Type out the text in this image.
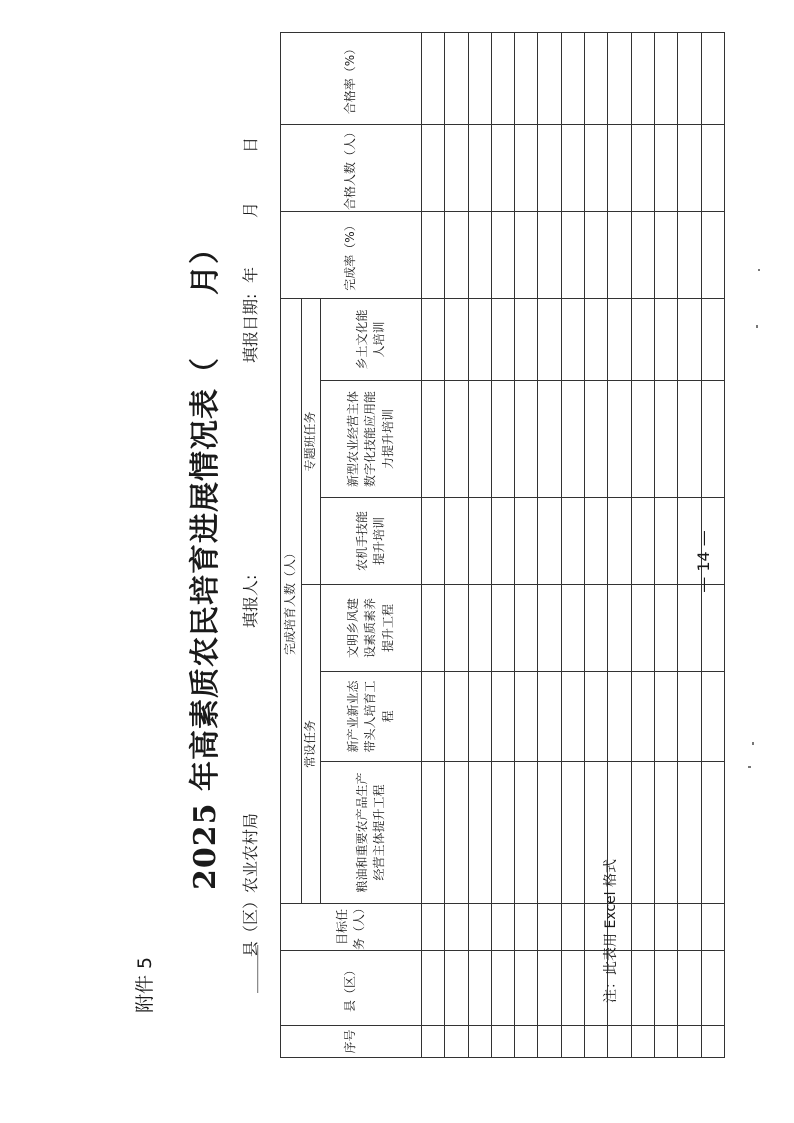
附件 5
2025 年高素质农民培育进展情况表（　　月）
＿＿＿
县（区）农业农村局
填报人:
填报日期:
年
月
日
序号	县（区）	目标任务（人）	完成培育人数（人）						完成率（%）	合格人数（人）	合格率（%）
			常设任务			专题班任务					
			粮油和重要农产品生产经营主体提升工程	新产业新业态带头人培育工程	文明乡风建设素质素养提升工程	农机手技能提升培训	新型农业经营主体数字化技能应用能力提升培训	乡土文化能人培训			

注：此表用 Excel 格式
— 14 —
